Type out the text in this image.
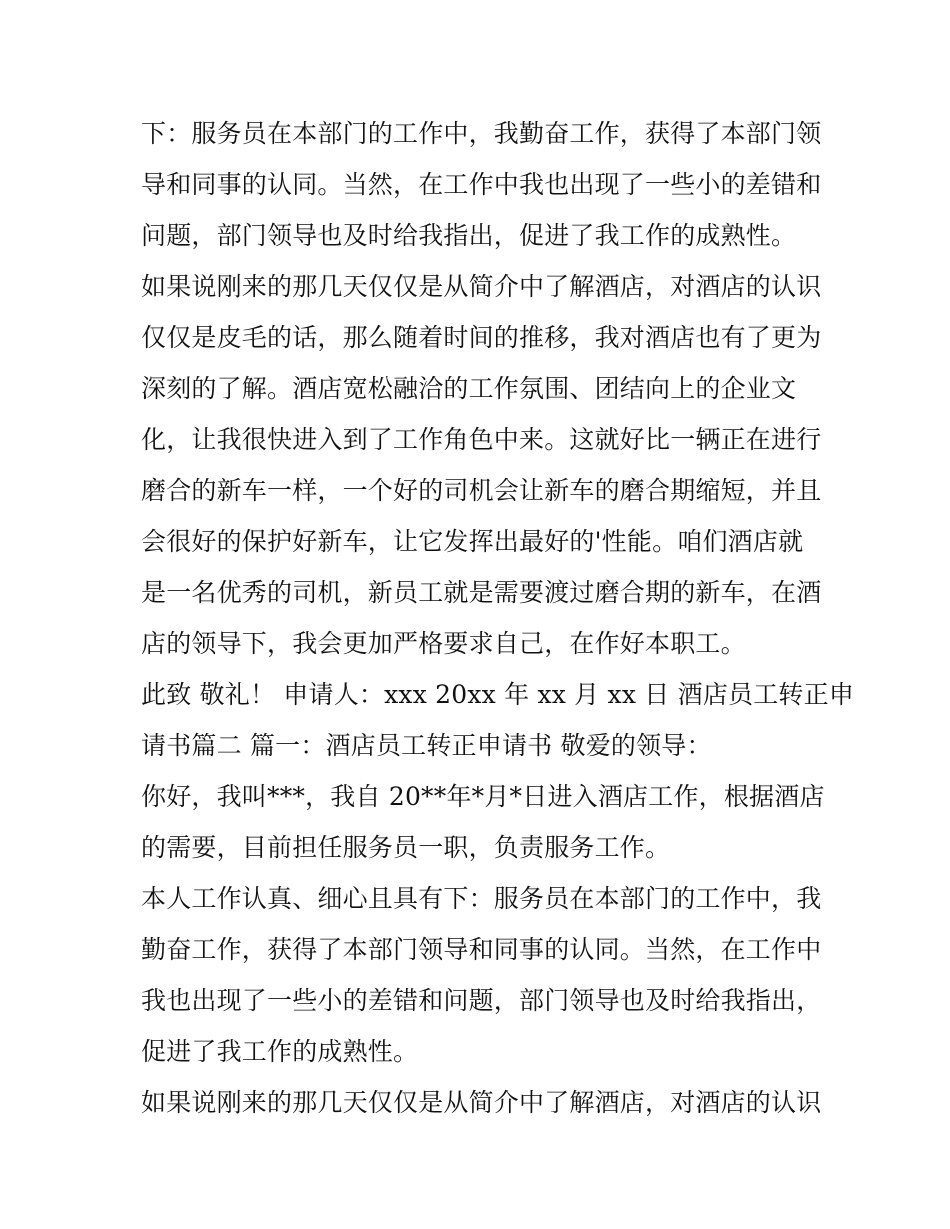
下：服务员在本部门的工作中，我勤奋工作，获得了本部门领
导和同事的认同。当然，在工作中我也出现了一些小的差错和
问题，部门领导也及时给我指出，促进了我工作的成熟性。
如果说刚来的那几天仅仅是从简介中了解酒店，对酒店的认识
仅仅是皮毛的话，那么随着时间的推移，我对酒店也有了更为
深刻的了解。酒店宽松融洽的工作氛围、团结向上的企业文
化，让我很快进入到了工作角色中来。这就好比一辆正在进行
磨合的新车一样，一个好的司机会让新车的磨合期缩短，并且
会很好的保护好新车，让它发挥出最好的'性能。咱们酒店就
是一名优秀的司机，新员工就是需要渡过磨合期的新车，在酒
店的领导下，我会更加严格要求自己，在作好本职工。
此致 敬礼！ 申请人：xxx 20xx 年 xx 月 xx 日 酒店员工转正申
请书篇二 篇一：酒店员工转正申请书 敬爱的领导：
你好，我叫***，我自 20**年*月*日进入酒店工作，根据酒店
的需要，目前担任服务员一职，负责服务工作。
本人工作认真、细心且具有下：服务员在本部门的工作中，我
勤奋工作，获得了本部门领导和同事的认同。当然，在工作中
我也出现了一些小的差错和问题，部门领导也及时给我指出，
促进了我工作的成熟性。
如果说刚来的那几天仅仅是从简介中了解酒店，对酒店的认识
